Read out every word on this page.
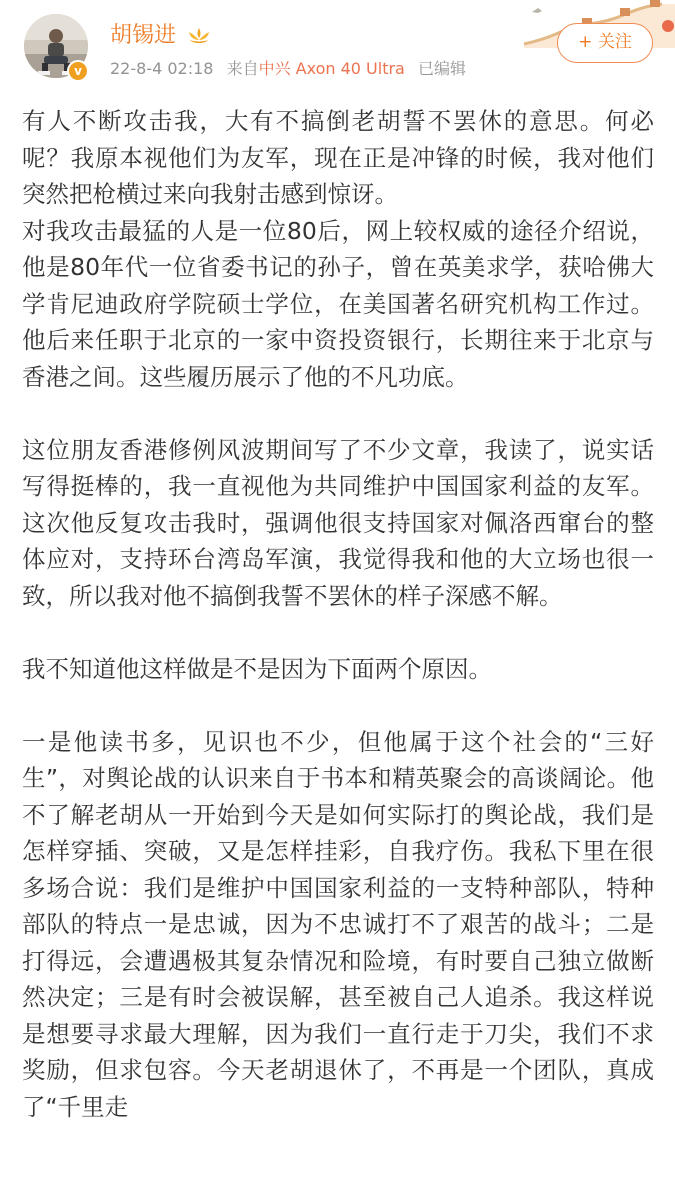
v
胡锡进
22-8-4 02:18 来自中兴 Axon 40 Ultra 已编辑
+ 关注

有人不断攻击我，大有不搞倒老胡誓不罢休的意思。何必呢？我原本视他们为友军，现在正是冲锋的时候，我对他们突然把枪横过来向我射击感到惊讶。

对我攻击最猛的人是一位80后，网上较权威的途径介绍说，他是80年代一位省委书记的孙子，曾在英美求学，获哈佛大学肯尼迪政府学院硕士学位，在美国著名研究机构工作过。他后来任职于北京的一家中资投资银行，长期往来于北京与香港之间。这些履历展示了他的不凡功底。

这位朋友香港修例风波期间写了不少文章，我读了，说实话写得挺棒的，我一直视他为共同维护中国国家利益的友军。这次他反复攻击我时，强调他很支持国家对佩洛西窜台的整体应对，支持环台湾岛军演，我觉得我和他的大立场也很一致，所以我对他不搞倒我誓不罢休的样子深感不解。

我不知道他这样做是不是因为下面两个原因。

一是他读书多，见识也不少，但他属于这个社会的“三好生”，对舆论战的认识来自于书本和精英聚会的高谈阔论。他不了解老胡从一开始到今天是如何实际打的舆论战，我们是怎样穿插、突破，又是怎样挂彩，自我疗伤。我私下里在很多场合说：我们是维护中国国家利益的一支特种部队，特种部队的特点一是忠诚，因为不忠诚打不了艰苦的战斗；二是打得远，会遭遇极其复杂情况和险境，有时要自己独立做断然决定；三是有时会被误解，甚至被自己人追杀。我这样说是想要寻求最大理解，因为我们一直行走于刀尖，我们不求奖励，但求包容。今天老胡退休了，不再是一个团队，真成了“千里走
